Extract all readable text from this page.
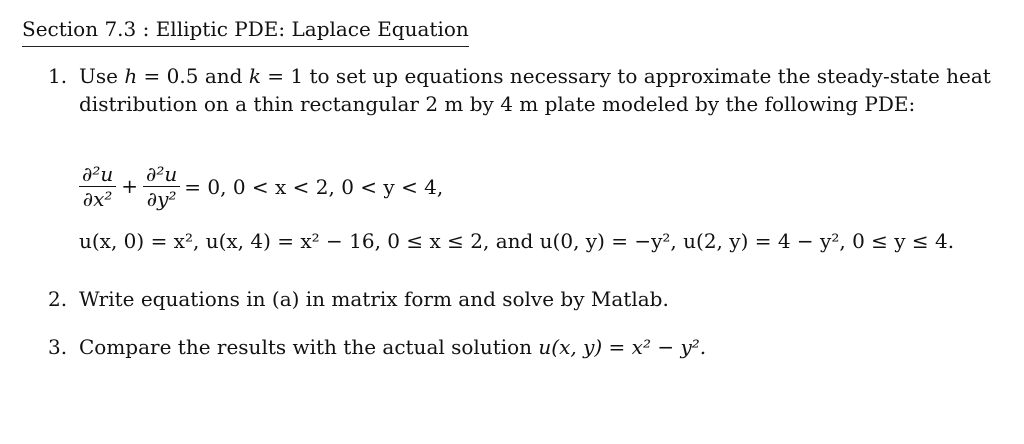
Section 7.3 : Elliptic PDE: Laplace Equation
1. Use h = 0.5 and k = 1 to set up equations necessary to approximate the steady-state heat distribution on a thin rectangular 2 m by 4 m plate modeled by the following PDE:
$\frac{\text{∂²u}}{\text{∂x²}} + \frac{\text{∂²u}}{\text{∂y²}} = 0$, 0 < x < 2, 0 < y < 4,
u(x, 0) = x², u(x, 4) = x² − 16, 0 ≤ x ≤ 2, and u(0, y) = −y², u(2, y) = 4 − y², 0 ≤ y ≤ 4.
2. Write equations in (a) in matrix form and solve by Matlab.
3. Compare the results with the actual solution u(x, y) = x² − y².
